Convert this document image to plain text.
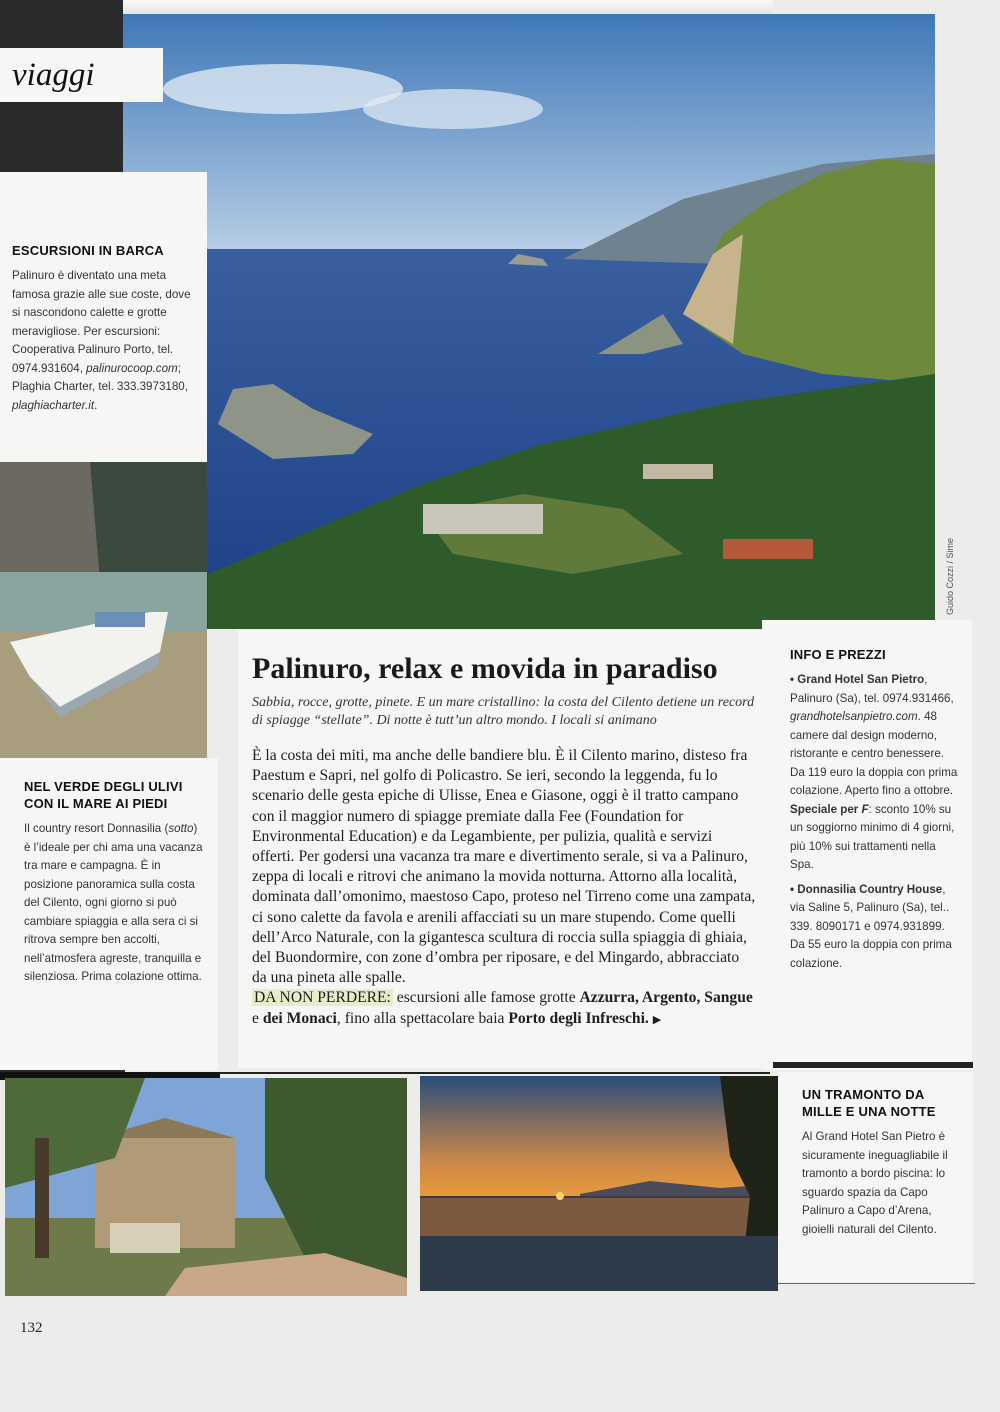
Guido Cozzi / Sime
viaggi
ESCURSIONI IN BARCA

Palinuro è diventato una meta famosa grazie alle sue coste, dove si nascondono calette e grotte meravigliose. Per escursioni: Cooperativa Palinuro Porto, tel. 0974.931604, palinurocoop.com; Plaghia Charter, tel. 333.3973180, plaghiacharter.it.

NEL VERDE DEGLI ULIVI
CON IL MARE AI PIEDI

Il country resort Donnasilia (sotto) è l’ideale per chi ama una vacanza tra mare e campagna. È in posizione panoramica sulla costa del Cilento, ogni giorno si può cambiare spiaggia e alla sera ci si ritrova sempre ben accolti, nell’atmosfera agreste, tranquilla e silenziosa. Prima colazione ottima.

Palinuro, relax e movida in paradiso

Sabbia, rocce, grotte, pinete. E un mare cristallino: la costa del Cilento detiene un record di spiagge “stellate”. Di notte è tutt’un altro mondo. I locali si animano

È la costa dei miti, ma anche delle bandiere blu. È il Cilento marino, disteso fra Paestum e Sapri, nel golfo di Policastro. Se ieri, secondo la leggenda, fu lo scenario delle gesta epiche di Ulisse, Enea e Giasone, oggi è il tratto campano con il maggior numero di spiagge premiate dalla Fee (Foundation for Environmental Education) e da Legambiente, per pulizia, qualità e servizi offerti. Per godersi una vacanza tra mare e divertimento serale, si va a Palinuro, zeppa di locali e ritrovi che animano la movida notturna. Attorno alla località, dominata dall’omonimo, maestoso Capo, proteso nel Tirreno come una zampata, ci sono calette da favola e arenili affacciati su un mare stupendo. Come quelli dell’Arco Naturale, con la gigantesca scultura di roccia sulla spiaggia di ghiaia, del Buondormire, con zone d’ombra per riposare, e del Mingardo, abbracciato da una pineta alle spalle.

DA NON PERDERE: escursioni alle famose grotte Azzurra, Argento, Sangue e dei Monaci, fino alla spettacolare baia Porto degli Infreschi. ▶

INFO E PREZZI

• Grand Hotel San Pietro, Palinuro (Sa), tel. 0974.931466, grandhotelsanpietro.com. 48 camere dal design moderno, ristorante e centro benessere. Da 119 euro la doppia con prima colazione. Aperto fino a ottobre. Speciale per F: sconto 10% su un soggiorno minimo di 4 giorni, più 10% sui trattamenti nella Spa.

• Donnasilia Country House, via Saline 5, Palinuro (Sa), tel.. 339. 8090171 e 0974.931899. Da 55 euro la doppia con prima colazione.

UN TRAMONTO DA
MILLE E UNA NOTTE

Al Grand Hotel San Pietro è sicuramente ineguagliabile il tramonto a bordo piscina: lo sguardo spazia da Capo Palinuro a Capo d’Arena, gioielli naturali del Cilento.

132
